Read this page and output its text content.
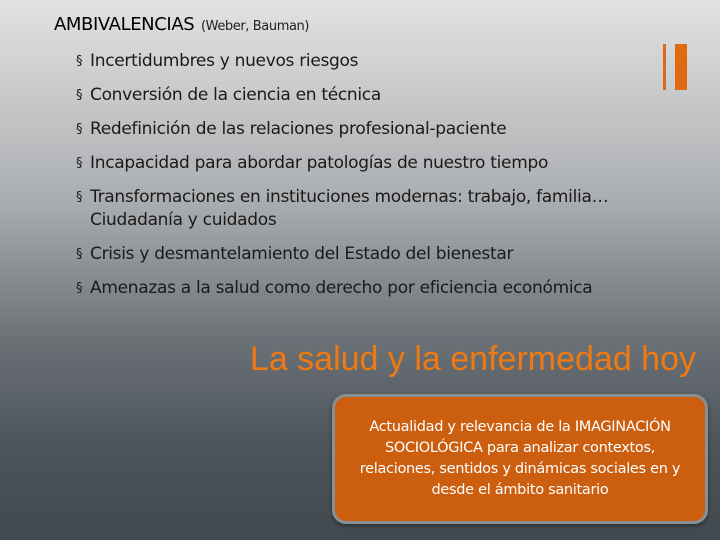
AMBIVALENCIAS (Weber, Bauman)
§ Incertidumbres y nuevos riesgos
§ Conversión de la ciencia en técnica
§ Redefinición de las relaciones profesional-paciente
§ Incapacidad para abordar patologías de nuestro tiempo
§ Transformaciones en instituciones modernas: trabajo, familia… Ciudadanía y cuidados
§ Crisis y desmantelamiento del Estado del bienestar
§ Amenazas a la salud como derecho por eficiencia económica
La salud y la enfermedad hoy
Actualidad y relevancia de la IMAGINACIÓN SOCIOLÓGICA para analizar contextos, relaciones, sentidos y dinámicas sociales en y desde el ámbito sanitario
